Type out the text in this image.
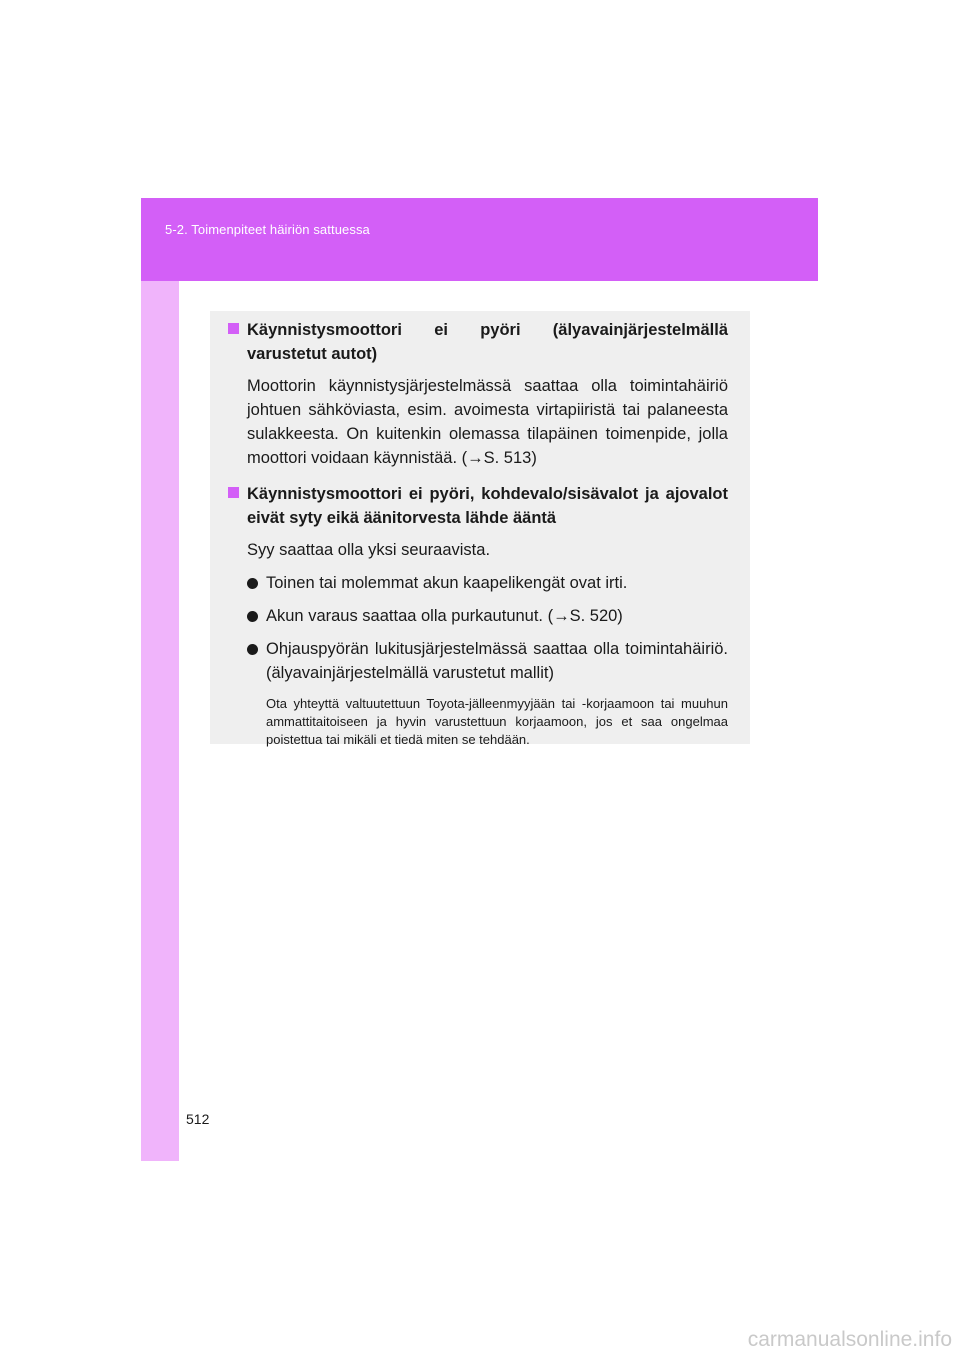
5-2. Toimenpiteet häiriön sattuessa
512
Käynnistysmoottori ei pyöri (älyavainjärjestelmällä varustetut autot)
Moottorin käynnistysjärjestelmässä saattaa olla toimintahäiriö johtuen sähköviasta, esim. avoimesta virtapiiristä tai palaneesta sulakkeesta. On kuitenkin olemassa tilapäinen toimenpide, jolla moottori voidaan käynnistää. (→S. 513)
Käynnistysmoottori ei pyöri, kohdevalo/sisävalot ja ajovalot eivät syty eikä äänitorvesta lähde ääntä
Syy saattaa olla yksi seuraavista.
Toinen tai molemmat akun kaapelikengät ovat irti.
Akun varaus saattaa olla purkautunut. (→S. 520)
Ohjauspyörän lukitusjärjestelmässä saattaa olla toimintahäiriö. (älyavainjärjestelmällä varustetut mallit)
Ota yhteyttä valtuutettuun Toyota-jälleenmyyjään tai -korjaamoon tai muuhun ammattitaitoiseen ja hyvin varustettuun korjaamoon, jos et saa ongelmaa poistettua tai mikäli et tiedä miten se tehdään.
carmanualsonline.info
